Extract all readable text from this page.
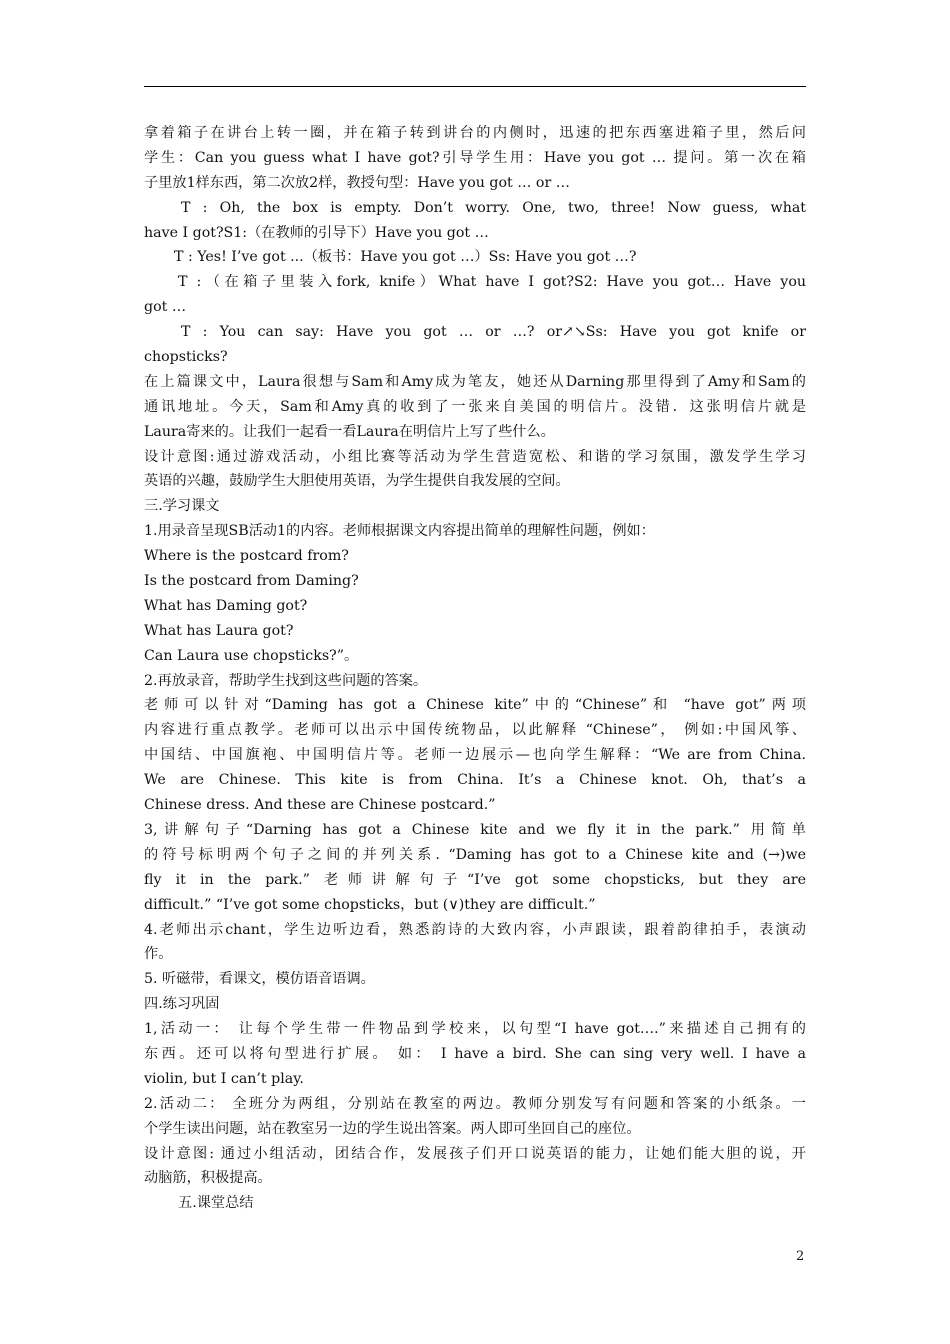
拿着箱子在讲台上转一圈，并在箱子转到讲台的内侧时，迅速的把东西塞进箱子里，然后问
学生：Can you guess what I have got?引导学生用：Have you got … 提问。第一次在箱
子里放1样东西，第二次放2样，教授句型：Have you got … or …
T : Oh, the box is empty. Don’t worry. One, two, three! Now guess, what
have I got?S1:（在教师的引导下）Have you got …
T : Yes! I’ve got ...（板书：Have you got …）Ss: Have you got …?
T :（在箱子里装入fork, knife）What have I got?S2: Have you got… Have you
got …
T : You can say: Have you got … or …? or↗↘Ss: Have you got knife or
chopsticks?
在上篇课文中，Laura很想与Sam和Amy成为笔友，她还从Darning那里得到了Amy和Sam的
通讯地址。今天，Sam和Amy真的收到了一张来自美国的明信片。没错．这张明信片就是
Laura寄来的。让我们一起看一看Laura在明信片上写了些什么。
设计意图:通过游戏活动，小组比赛等活动为学生营造宽松、和谐的学习氛围，激发学生学习
英语的兴趣，鼓励学生大胆使用英语，为学生提供自我发展的空间。
三.学习课文
1.用录音呈现SB活动1的内容。老师根据课文内容提出简单的理解性问题，例如：
Where is the postcard from?
Is the postcard from Daming?
What has Daming got?
What has Laura got?
Can Laura use chopsticks?”。
2.再放录音，帮助学生找到这些问题的答案。
老师可以针对“Daming has got a Chinese kite”中的“Chinese”和 “have got”两项
内容进行重点教学。老师可以出示中国传统物品，以此解释 “Chinese”， 例如:中国风筝、
中国结、中国旗袍、中国明信片等。老师一边展示—也向学生解释：“We are from China.
We are Chinese. This kite is from China. It’s a Chinese knot. Oh, that’s a
Chinese dress. And these are Chinese postcard.”
3,讲解句子“Darning has got a Chinese kite and we fly it in the park.” 用简单
的符号标明两个句子之间的并列关系. “Daming has got to a Chinese kite and (→)we
fly it in the park.” 老师讲解句子“I’ve got some chopsticks, but they are
difficult.” “I’ve got some chopsticks，but (∨)they are difficult.”
4.老师出示chant，学生边听边看，熟悉韵诗的大致内容，小声跟读，跟着韵律拍手，表演动
作。
5. 听磁带，看课文，模仿语音语调。
四.练习巩固
1,活动一： 让每个学生带一件物品到学校来，以句型“I have got….”来描述自己拥有的
东西。还可以将句型进行扩展。 如： I have a bird. She can sing very well. I have a
violin, but I can’t play.
2.活动二： 全班分为两组，分别站在教室的两边。教师分别发写有问题和答案的小纸条。一
个学生读出问题，站在教室另一边的学生说出答案。两人即可坐回自己的座位。
设计意图: 通过小组活动，团结合作，发展孩子们开口说英语的能力，让她们能大胆的说，开
动脑筋，积极提高。
五.课堂总结
2
